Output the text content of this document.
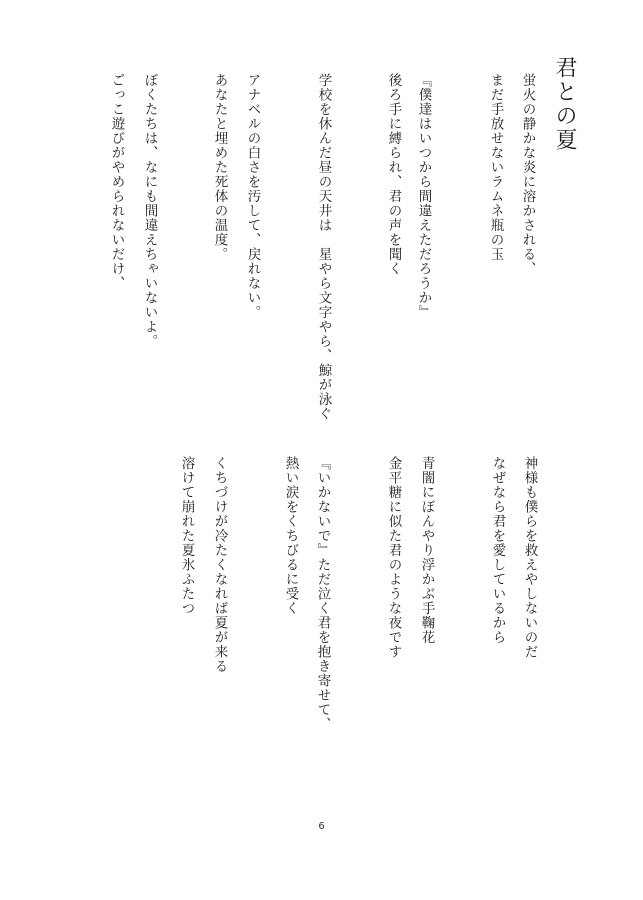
君との夏
蛍火の静かな炎に溶かされる、
まだ手放せないラムネ瓶の玉
『僕達はいつから間違えただろうか』
後ろ手に縛られ、君の声を聞く
学校を休んだ昼の天井は　星やら文字やら、鯨が泳ぐ
アナベルの白さを汚して、戻れない。
あなたと埋めた死体の温度。
ぼくたちは、なにも間違えちゃいないよ。
ごっこ遊びがやめられないだけ、
神様も僕らを救えやしないのだ
なぜなら君を愛しているから
青闇にぼんやり浮かぶ手鞠花
金平糖に似た君のような夜です
『いかないで』ただ泣く君を抱き寄せて、
熱い涙をくちびるに受く
くちづけが冷たくなれば夏が来る
溶けて崩れた夏氷ふたつ
6
